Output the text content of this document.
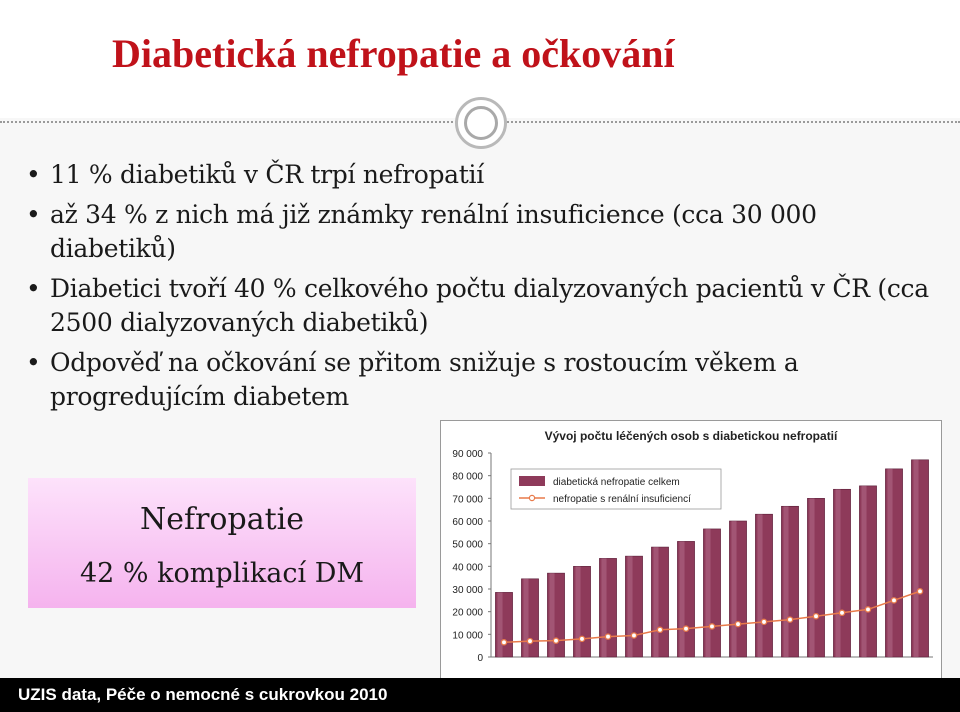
Diabetická nefropatie a očkování
• 11 % diabetiků v ČR trpí nefropatií
• až 34 % z nich má již známky renální insuficience (cca 30 000 diabetiků)
• Diabetici tvoří 40 % celkového počtu dialyzovaných pacientů v ČR (cca 2500 dialyzovaných diabetiků)
• Odpověď na očkování se přitom snižuje s rostoucím věkem a progredujícím diabetem
Nefropatie
42 % komplikací DM
Vývoj počtu léčených osob s diabetickou nefropatií
0
10 000
20 000
30 000
40 000
50 000
60 000
70 000
80 000
90 000
diabetická nefropatie celkem
nefropatie s renální insuficiencí
UZIS data, Péče o nemocné s cukrovkou 2010
